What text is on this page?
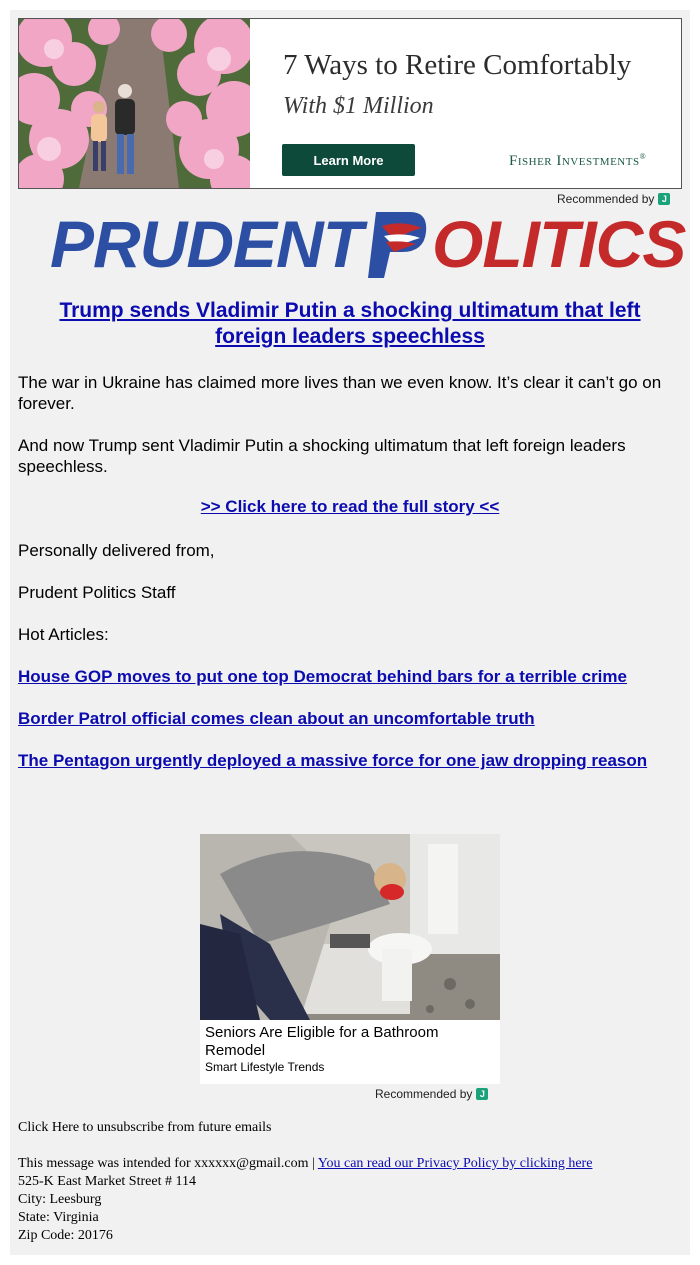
7 Ways to Retire Comfortably
With $1 Million
Learn More	Fisher Investments®
Recommended by J
PRUDENT OLITICS
Trump sends Vladimir Putin a shocking ultimatum that left foreign leaders speechless
The war in Ukraine has claimed more lives than we even know. It’s clear it can’t go on forever.
And now Trump sent Vladimir Putin a shocking ultimatum that left foreign leaders speechless.
>> Click here to read the full story <<
Personally delivered from,
Prudent Politics Staff
Hot Articles:
House GOP moves to put one top Democrat behind bars for a terrible crime
Border Patrol official comes clean about an uncomfortable truth
The Pentagon urgently deployed a massive force for one jaw dropping reason
Seniors Are Eligible for a Bathroom Remodel
Smart Lifestyle Trends
Recommended by J
Click Here to unsubscribe from future emails
This message was intended for xxxxxx@gmail.com | You can read our Privacy Policy by clicking here
525-K East Market Street # 114
City: Leesburg
State: Virginia
Zip Code: 20176
